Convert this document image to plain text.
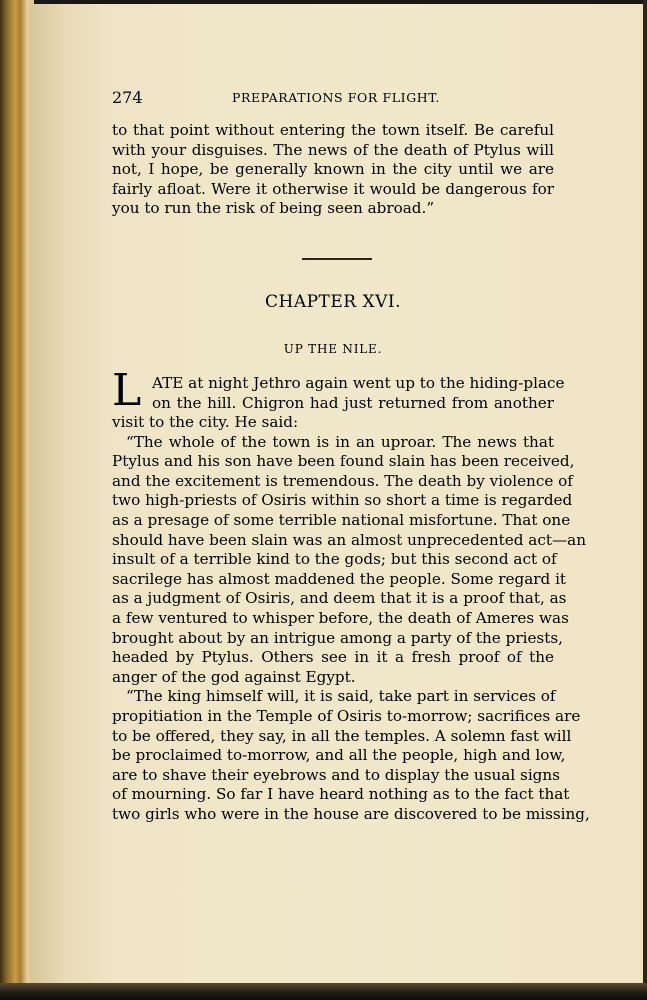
274	PREPARATIONS FOR FLIGHT.
to that point without entering the town itself. Be careful
with your disguises. The news of the death of Ptylus will
not, I hope, be generally known in the city until we are
fairly afloat. Were it otherwise it would be dangerous for
you to run the risk of being seen abroad.”
CHAPTER XVI.
UP THE NILE.
L ATE at night Jethro again went up to the hiding-place
on the hill. Chigron had just returned from another
visit to the city. He said:
“The whole of the town is in an uproar. The news that
Ptylus and his son have been found slain has been received,
and the excitement is tremendous. The death by violence of
two high-priests of Osiris within so short a time is regarded
as a presage of some terrible national misfortune. That one
should have been slain was an almost unprecedented act—an
insult of a terrible kind to the gods; but this second act of
sacrilege has almost maddened the people. Some regard it
as a judgment of Osiris, and deem that it is a proof that, as
a few ventured to whisper before, the death of Ameres was
brought about by an intrigue among a party of the priests,
headed by Ptylus. Others see in it a fresh proof of the
anger of the god against Egypt.
“The king himself will, it is said, take part in services of
propitiation in the Temple of Osiris to-morrow; sacrifices are
to be offered, they say, in all the temples. A solemn fast will
be proclaimed to-morrow, and all the people, high and low,
are to shave their eyebrows and to display the usual signs
of mourning. So far I have heard nothing as to the fact that
two girls who were in the house are discovered to be missing,
